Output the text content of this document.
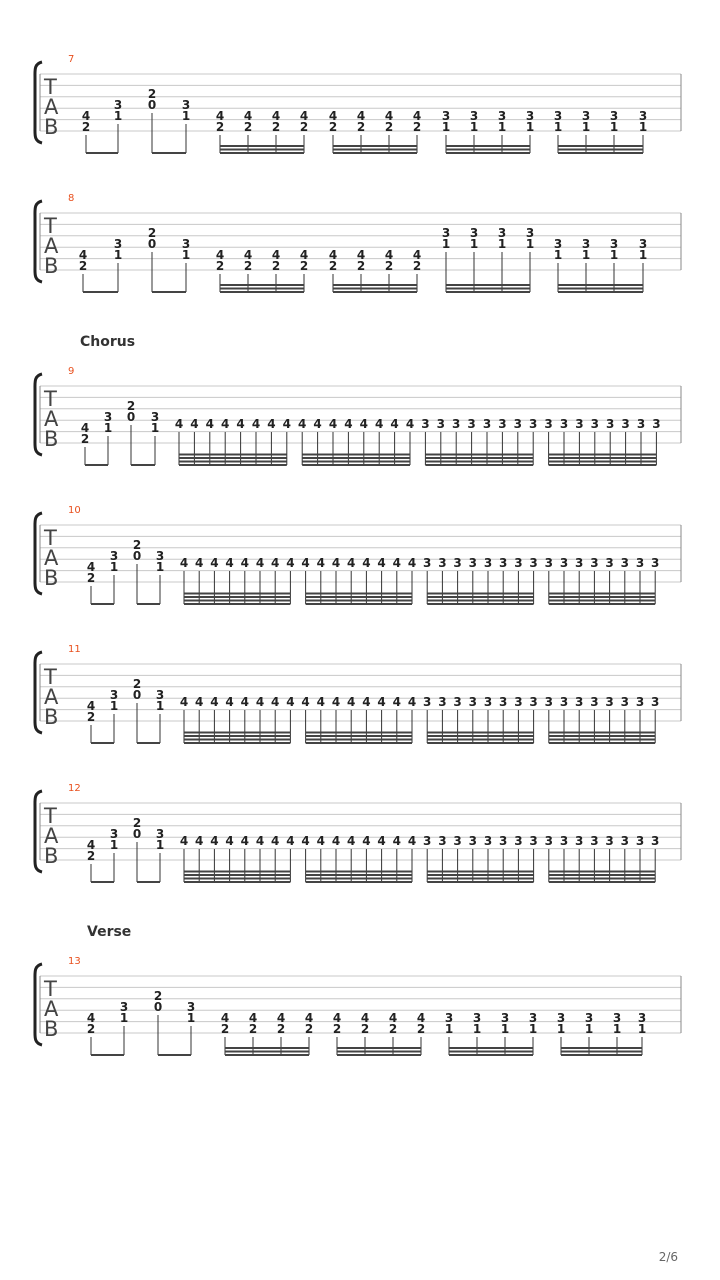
7
T
A
B 4
2
3
1
2
0 3
1 4
2
4
2
4
2
4
2
4
2
4
2
4
2
4
2
3
1
3
1
3
1
3
1
3
1
3
1
3
1
3
1
8
T
A
B 4
2
3
1
2
0 3
1 4
2
4
2
4
2
4
2
4
2
4
2
4
2
4
2
3
1
3
1
3
1
3
1 3
1
3
1
3
1
3
1
Chorus
9
T
A
B 4
2
3
1
2
0 3
1 4 4 4 4 4 4 4 4 4 4 4 4 4 4 4 4 3 3 3 3 3 3 3 3 3 3 3 3 3 3 3 3
10
T
A
B 4
2
3
1
2
0 3
1 4 4 4 4 4 4 4 4 4 4 4 4 4 4 4 4 3 3 3 3 3 3 3 3 3 3 3 3 3 3 3 3
11
T
A
B 4
2
3
1
2
0 3
1 4 4 4 4 4 4 4 4 4 4 4 4 4 4 4 4 3 3 3 3 3 3 3 3 3 3 3 3 3 3 3 3
12
T
A
B 4
2
3
1
2
0 3
1 4 4 4 4 4 4 4 4 4 4 4 4 4 4 4 4 3 3 3 3 3 3 3 3 3 3 3 3 3 3 3 3
Verse
13
T
A
B 4
2
3
1
2
0 3
1 4
2
4
2
4
2
4
2
4
2
4
2
4
2
4
2
3
1
3
1
3
1
3
1
3
1
3
1
3
1
3
1
2/6
